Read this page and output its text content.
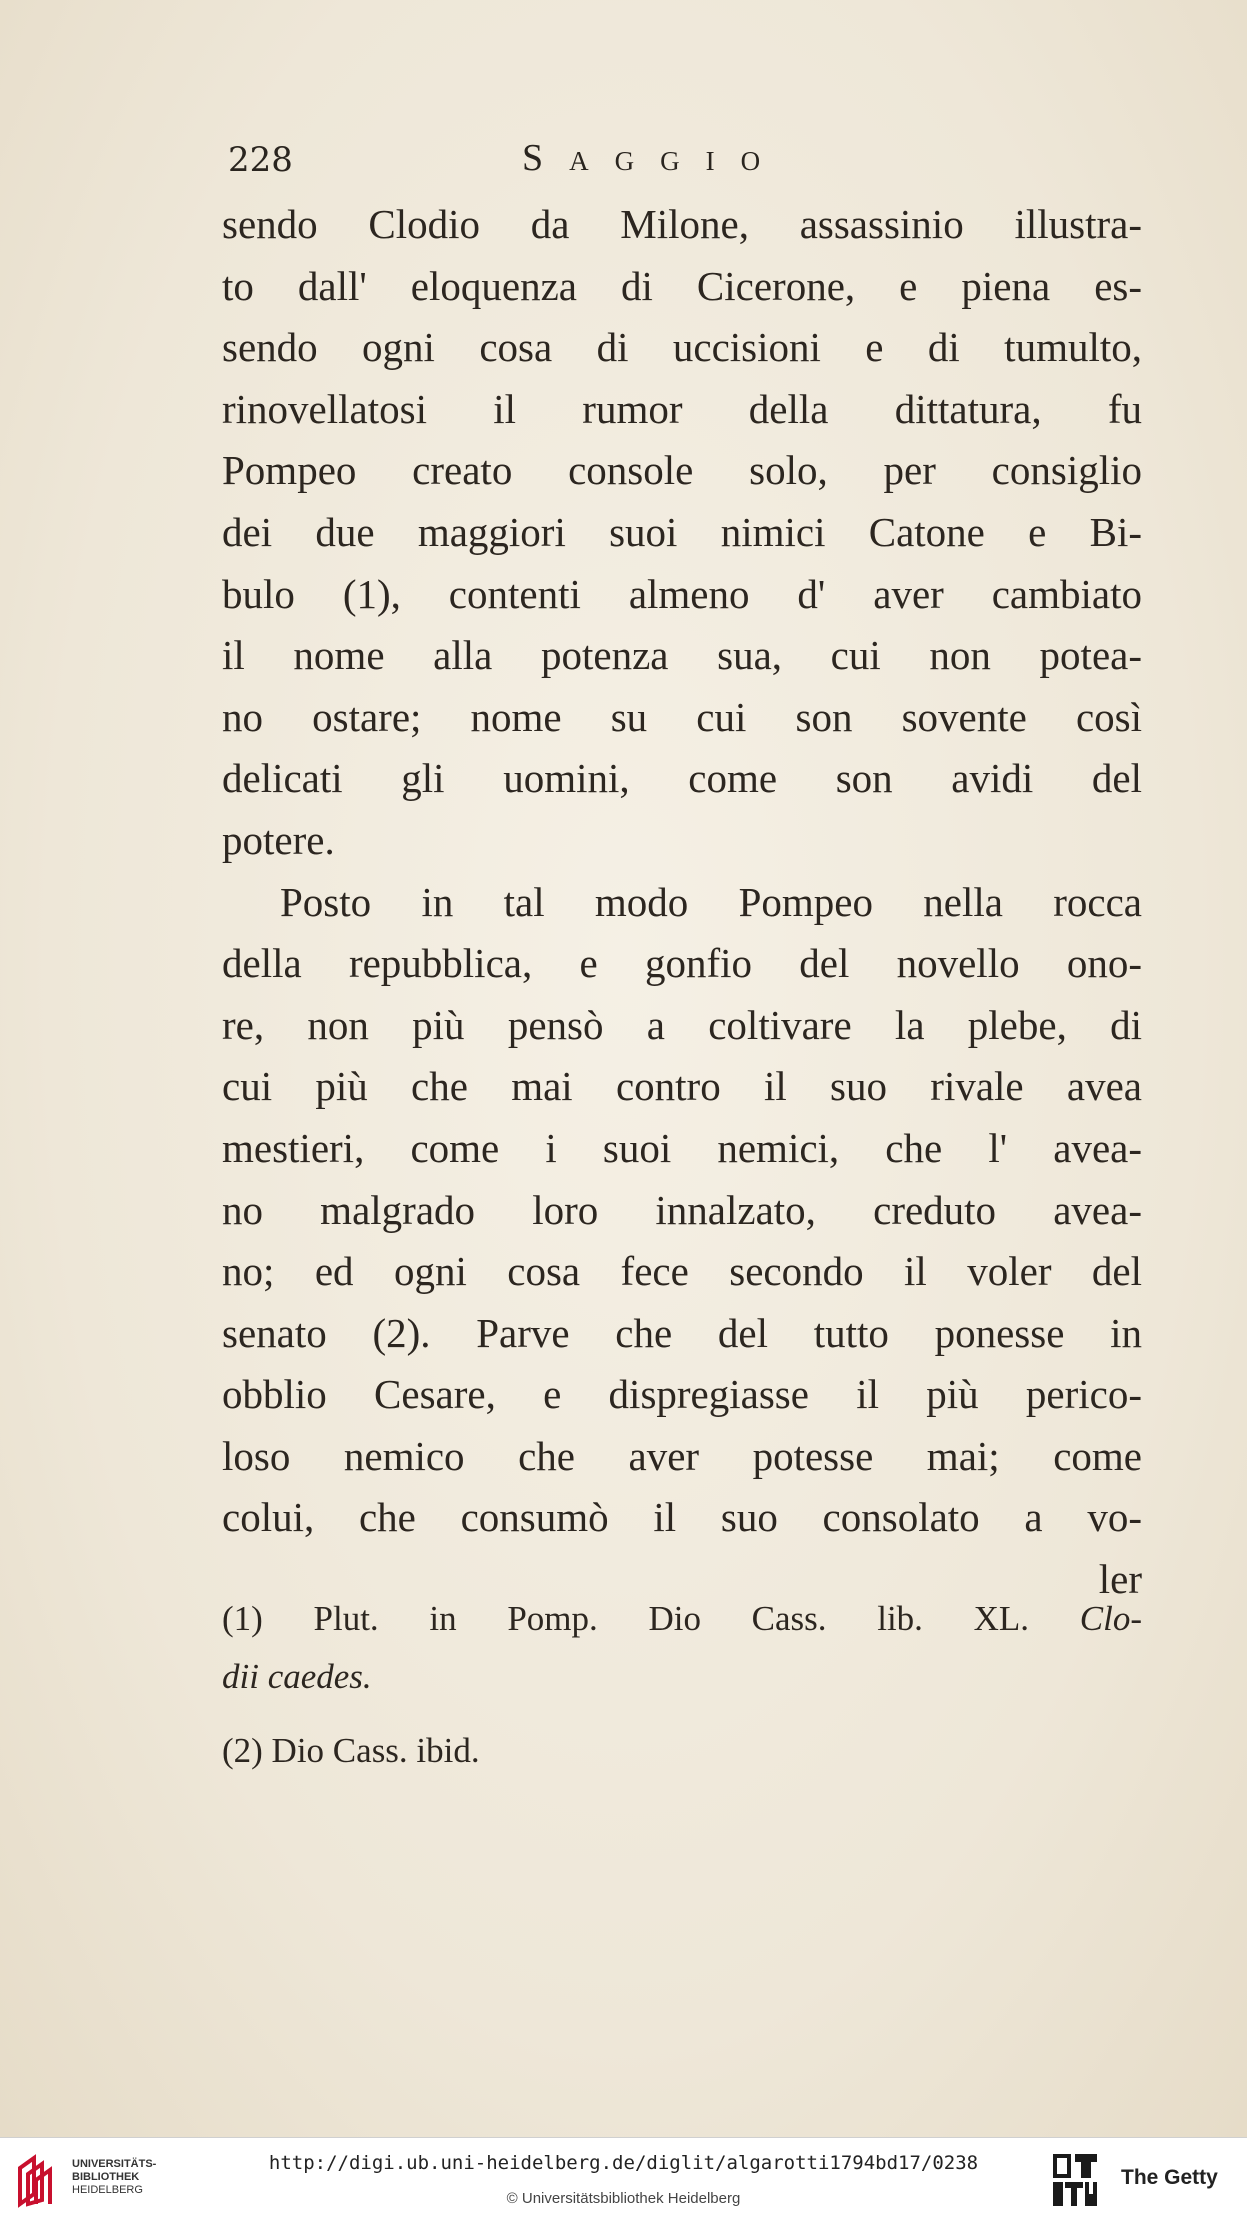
228	Saggio
sendo Clodio da Milone, assassinio illustra-
to dall' eloquenza di Cicerone, e piena es-
sendo ogni cosa di uccisioni e di tumulto,
rinovellatosi il rumor della dittatura, fu
Pompeo creato console solo, per consiglio
dei due maggiori suoi nimici Catone e Bi-
bulo (1), contenti almeno d' aver cambiato
il nome alla potenza sua, cui non potea-
no ostare; nome su cui son sovente così
delicati gli uomini, come son avidi del
potere.
Posto in tal modo Pompeo nella rocca
della repubblica, e gonfio del novello ono-
re, non più pensò a coltivare la plebe, di
cui più che mai contro il suo rivale avea
mestieri, come i suoi nemici, che l' avea-
no malgrado loro innalzato, creduto avea-
no; ed ogni cosa fece secondo il voler del
senato (2). Parve che del tutto ponesse in
obblio Cesare, e dispregiasse il più perico-
loso nemico che aver potesse mai; come
colui, che consumò il suo consolato a vo-
ler
(1) Plut. in Pomp. Dio Cass. lib. XL. Clo-
dii caedes.
(2) Dio Cass. ibid.
UNIVERSITÄTS-
BIBLIOTHEK
HEIDELBERG
http://digi.ub.uni-heidelberg.de/diglit/algarotti1794bd17/0238
© Universitätsbibliothek Heidelberg
The Getty
